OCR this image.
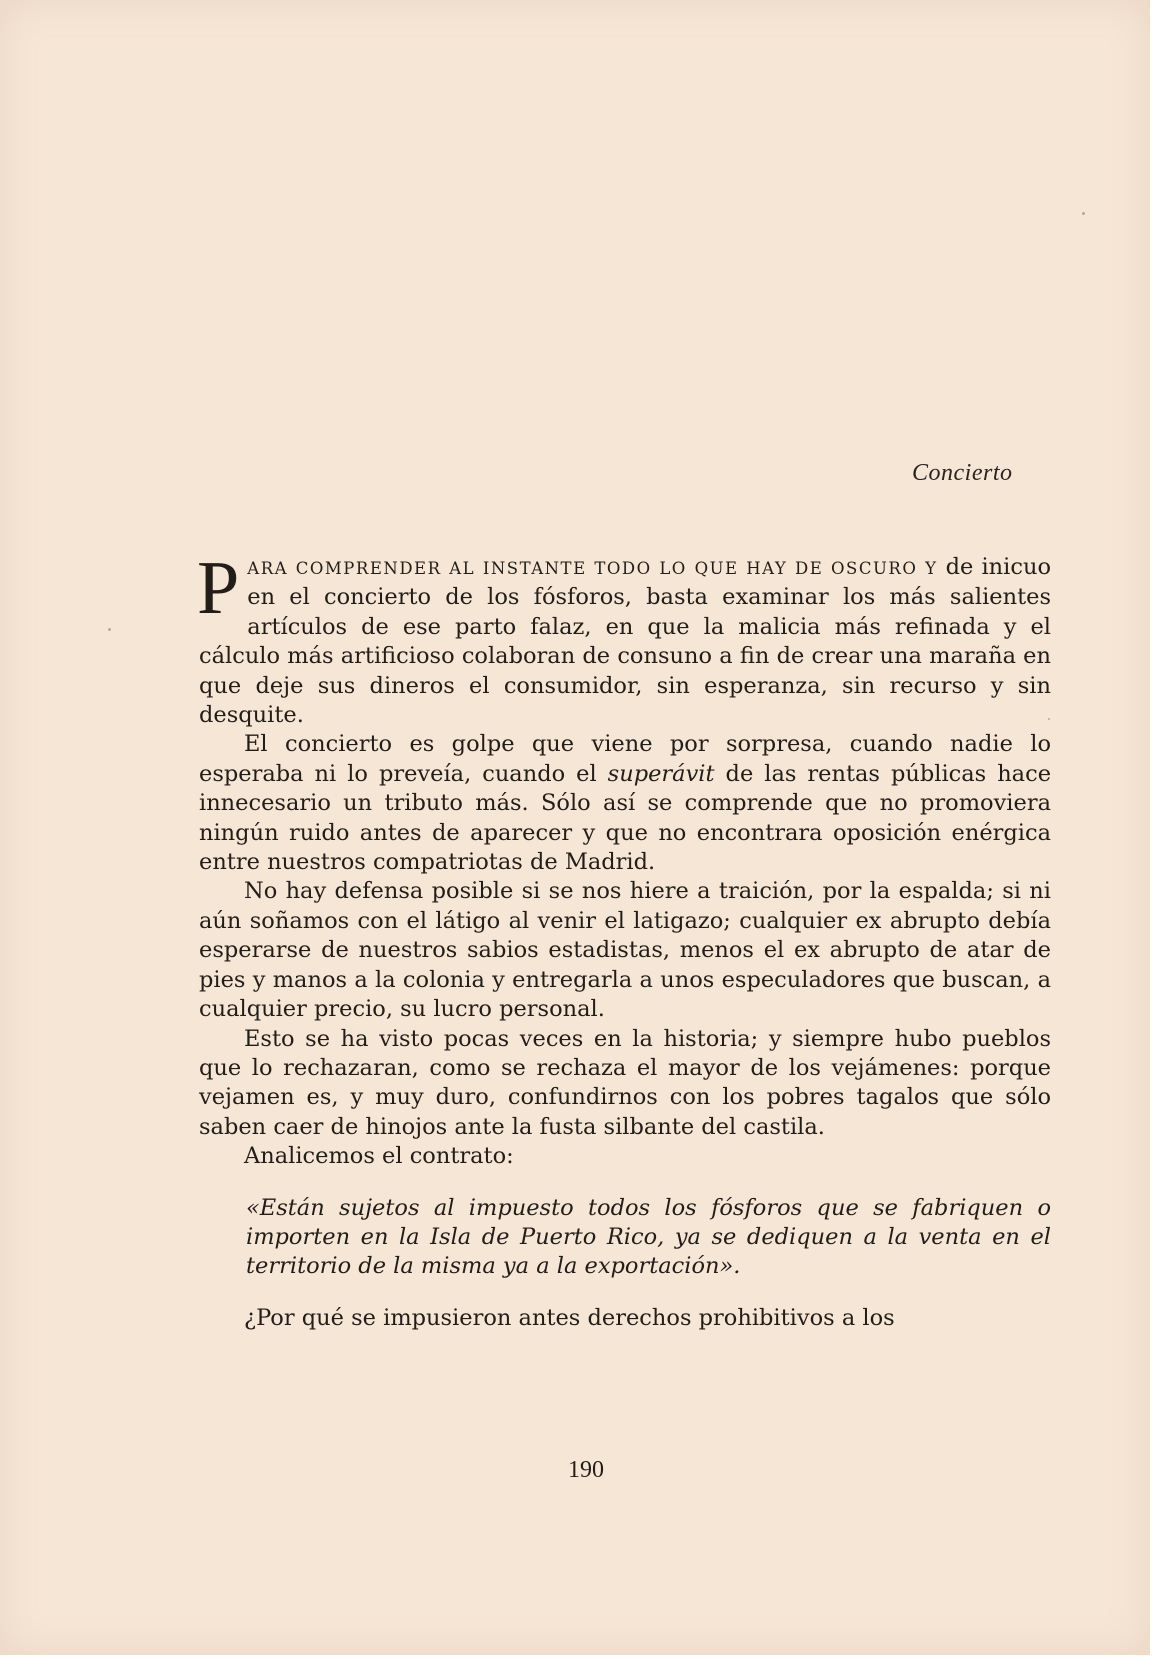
Concierto

PARA COMPRENDER AL INSTANTE TODO LO QUE HAY DE OSCURO Y de inicuo en el concierto de los fósforos, basta examinar los más salientes artículos de ese parto falaz, en que la malicia más refinada y el cálculo más artificioso colaboran de consuno a fin de crear una maraña en que deje sus dineros el consumidor, sin esperanza, sin recurso y sin desquite.

El concierto es golpe que viene por sorpresa, cuando nadie lo esperaba ni lo preveía, cuando el superávit de las rentas públicas hace innecesario un tributo más. Sólo así se comprende que no promoviera ningún ruido antes de aparecer y que no encontrara oposición enérgica entre nuestros compatriotas de Madrid.

No hay defensa posible si se nos hiere a traición, por la espalda; si ni aún soñamos con el látigo al venir el latigazo; cualquier ex abrupto debía esperarse de nuestros sabios estadistas, menos el ex abrupto de atar de pies y manos a la colonia y entregarla a unos especuladores que buscan, a cualquier precio, su lucro personal.

Esto se ha visto pocas veces en la historia; y siempre hubo pueblos que lo rechazaran, como se rechaza el mayor de los vejámenes: porque vejamen es, y muy duro, confundirnos con los pobres tagalos que sólo saben caer de hinojos ante la fusta silbante del castila.

Analicemos el contrato:

«Están sujetos al impuesto todos los fósforos que se fabriquen o importen en la Isla de Puerto Rico, ya se dediquen a la venta en el territorio de la misma ya a la exportación».

¿Por qué se impusieron antes derechos prohibitivos a los

190
